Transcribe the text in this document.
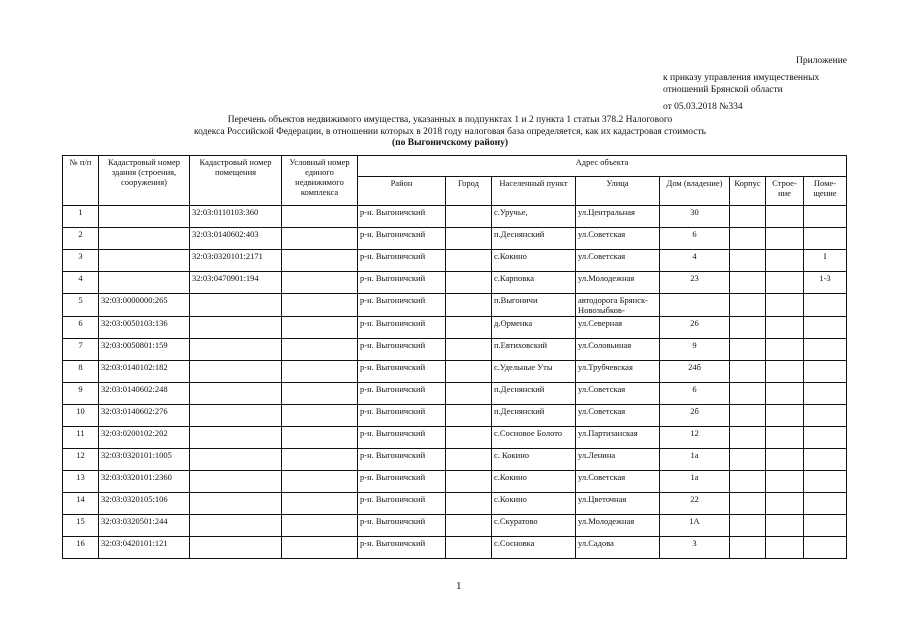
Приложение
к приказу управления имущественных
отношений Брянской области
от 05.03.2018 №334
Перечень объектов недвижимого имущества, указанных в подпунктах 1 и 2 пункта 1 статьи 378.2 Налогового
кодекса Российской Федерации, в отношении которых в 2018 году налоговая база определяется, как их кадастровая стоимость
(по Выгоничскому району)
№ п/п	Кадастровый номер здания (строения, сооружения)	Кадастровый номер помещения	Условный номер единого недвижимого комплекса	Адрес объекта							
				Район	Город	Населенный пункт	Улица	Дом (владение)	Корпус	Строе-ние	Поме-щение
1		32:03:0110103:360		р-н. Выгоничский		с.Уручье,	ул.Центральная	30			
2		32:03:0140602:403		р-н. Выгоничский		п.Деснянский	ул.Советская	6			
3		32:03:0320101:2171		р-н. Выгоничский		с.Кокино	ул.Советская	4			I
4		32:03:0470901:194		р-н. Выгоничский		с.Карповка	ул.Молодежная	23			1-3
5	32:03:0000000:265			р-н. Выгоничский		п.Выгоничи	автодорога Брянск-Новозыбков-				
6	32:03:0050103:136			р-н. Выгоничский		д.Орменка	ул.Северная	26			
7	32:03:0050801:159			р-н. Выгоничский		п.Евтиховский	ул.Соловьиная	9			
8	32:03:0140102:182			р-н. Выгоничский		с.Удельные Уты	ул.Трубчевская	24б			
9	32:03:0140602:248			р-н. Выгоничский		п.Деснянский	ул.Советская	6			
10	32:03:0140602:276			р-н. Выгоничский		п.Деснянский	ул.Советская	2б			
11	32:03:0200102:202			р-н. Выгоничский		с.Сосновое Болото	ул.Партизанская	12			
12	32:03:0320101:1005			р-н. Выгоничский		с. Кокино	ул.Ленина	1а			
13	32:03:0320101:2360			р-н. Выгоничский		с.Кокино	ул.Советская	1а			
14	32:03:0320105:106			р-н. Выгоничский		с.Кокино	ул.Цветочная	22			
15	32:03:0320501:244			р-н. Выгоничский		с.Скуратово	ул.Молодежная	1А			
16	32:03:0420101:121			р-н. Выгоничский		с.Сосновка	ул.Садова	3			
1
